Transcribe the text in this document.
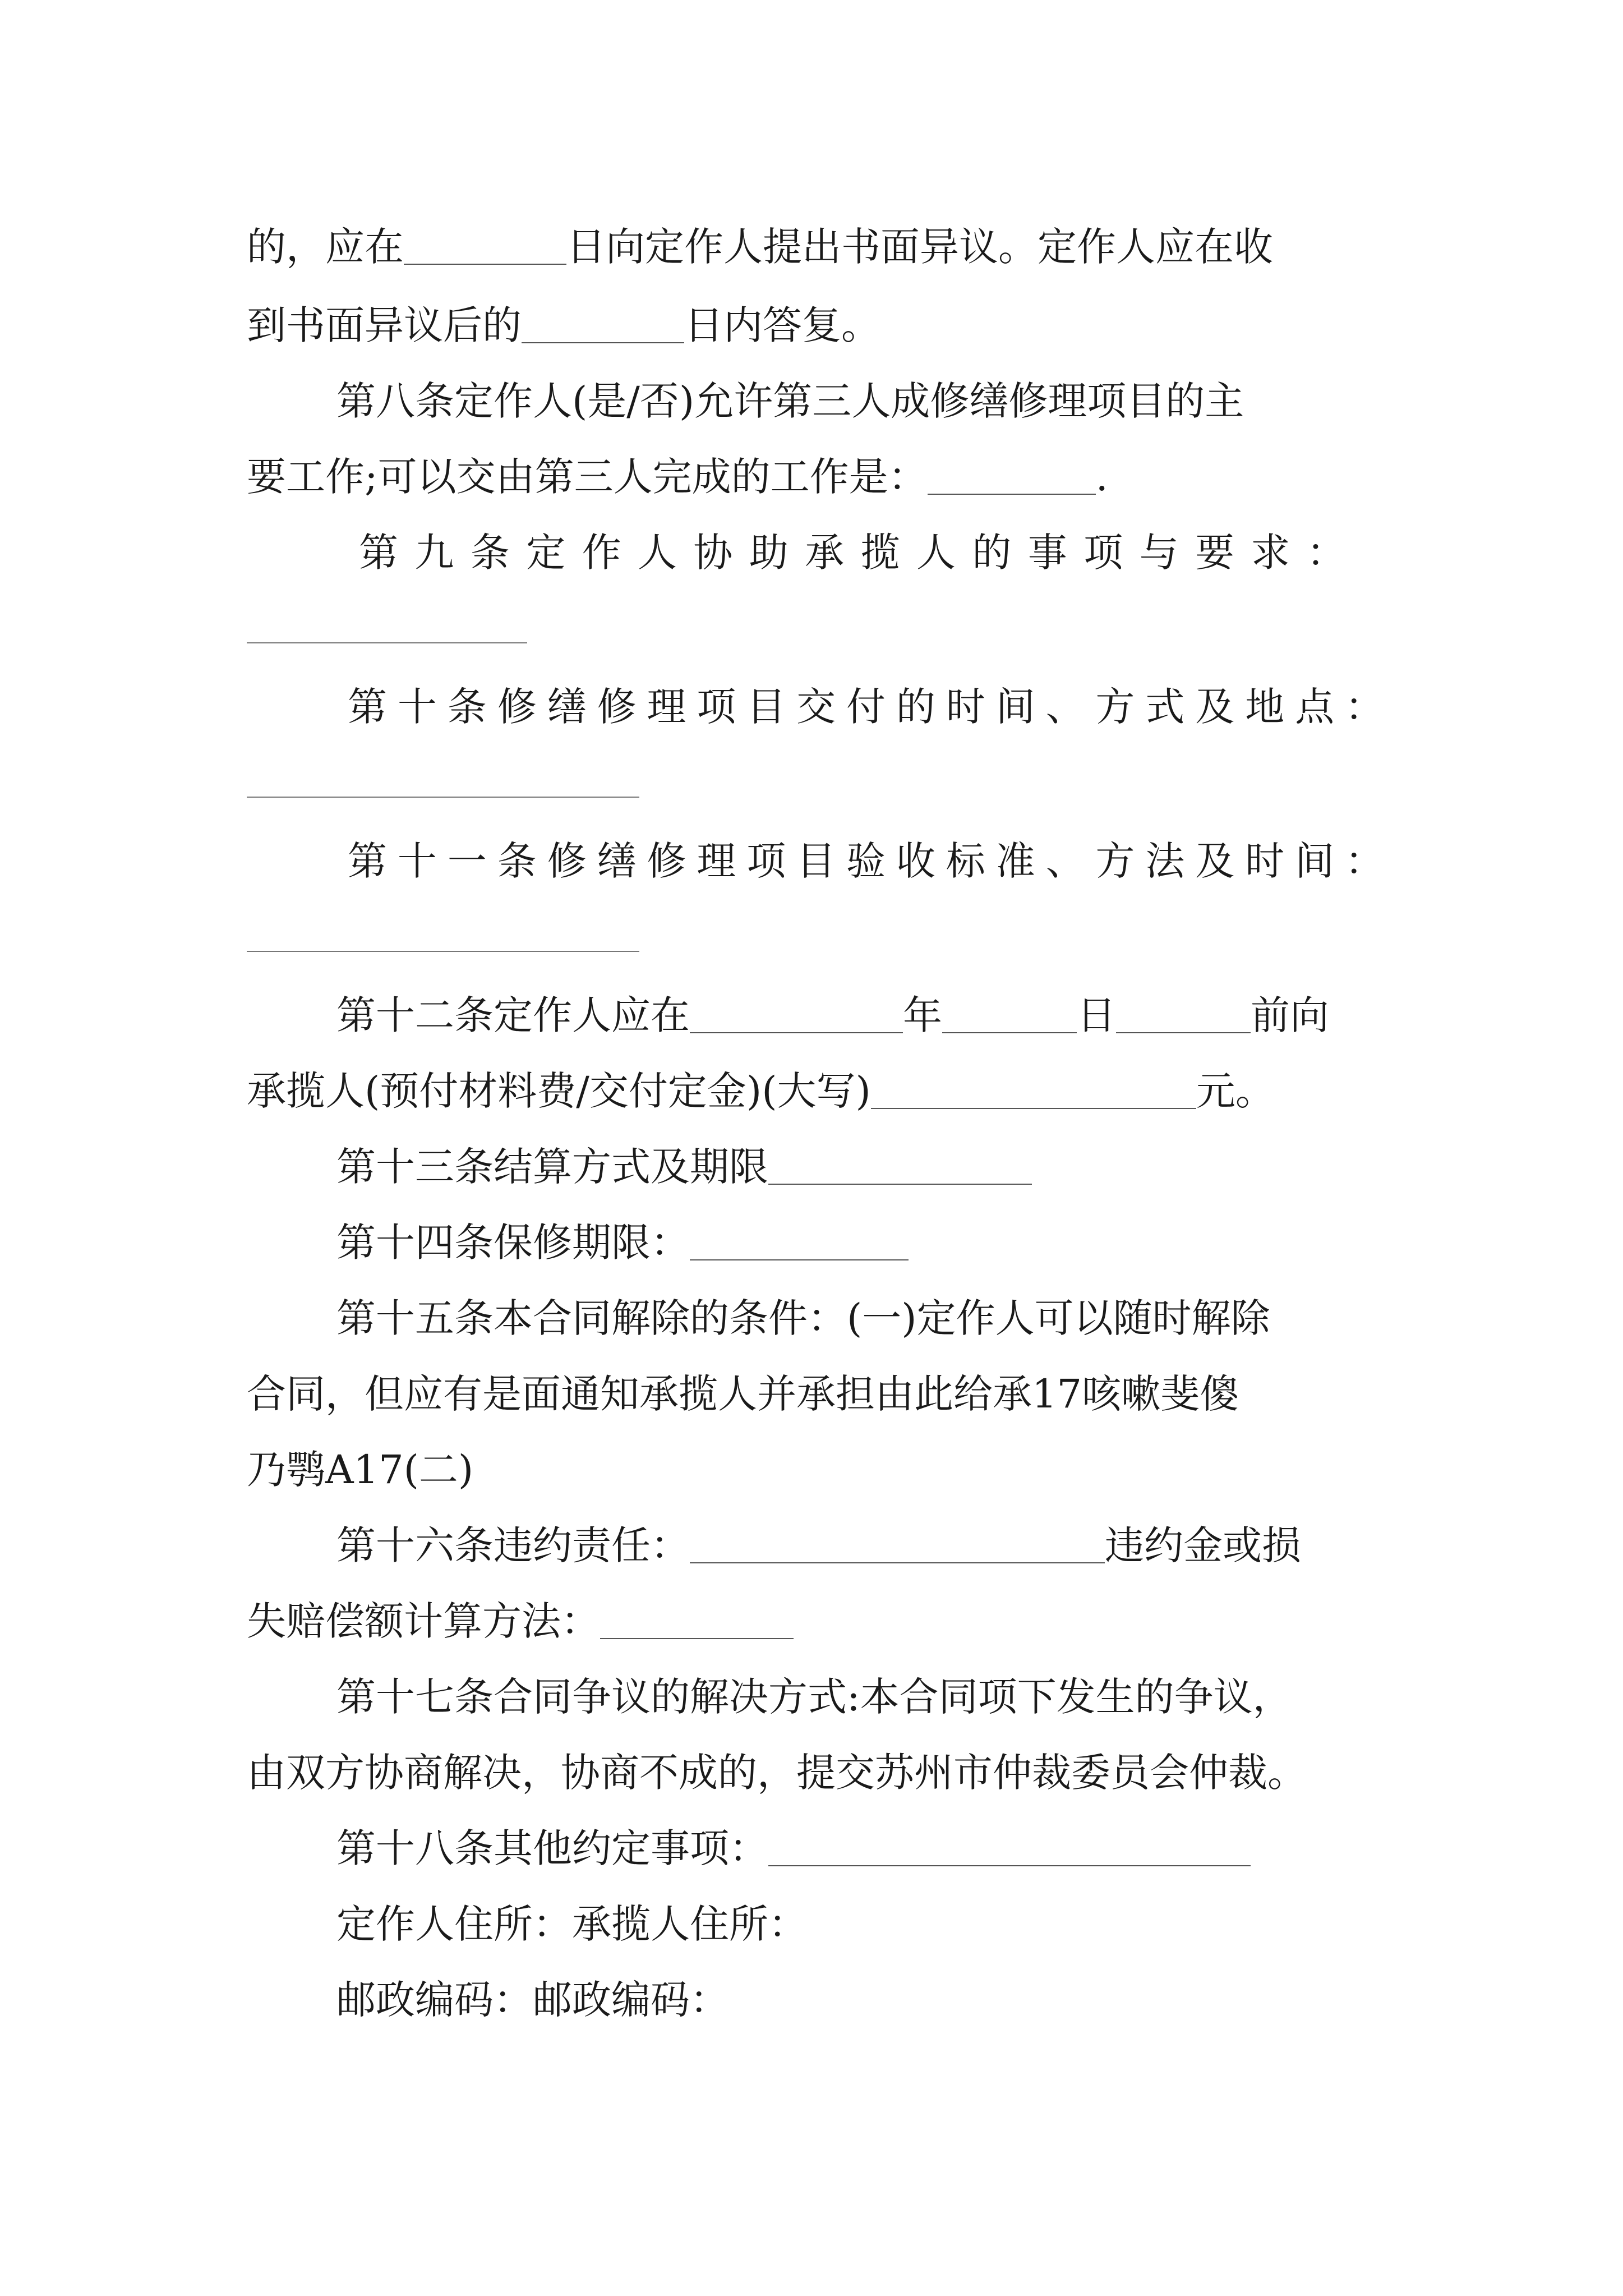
的，应在	日向定作人提出书面异议。定作人应在收
到书面异议后的	日内答复。
第八条定作人(是/否)允许第三人成修缮修理项目的主
要工作;可以交由第三人完成的工作是：	.
第九条定作人协助承揽人的事项与要求：
第十条修缮修理项目交付的时间、方式及地点：
第十一条修缮修理项目验收标准、方法及时间：
第十二条定作人应在	年	日	前向
承揽人(预付材料费/交付定金)(大写)	元。
第十三条结算方式及期限
第十四条保修期限：
第十五条本合同解除的条件：(一)定作人可以随时解除
合同，但应有是面通知承揽人并承担由此给承17咳嗽斐傻
乃鹗A17(二)
第十六条违约责任：	违约金或损
失赔偿额计算方法：
第十七条合同争议的解决方式:本合同项下发生的争议，
由双方协商解决，协商不成的，提交苏州市仲裁委员会仲裁。
第十八条其他约定事项：
定作人住所：承揽人住所：
邮政编码：邮政编码：
